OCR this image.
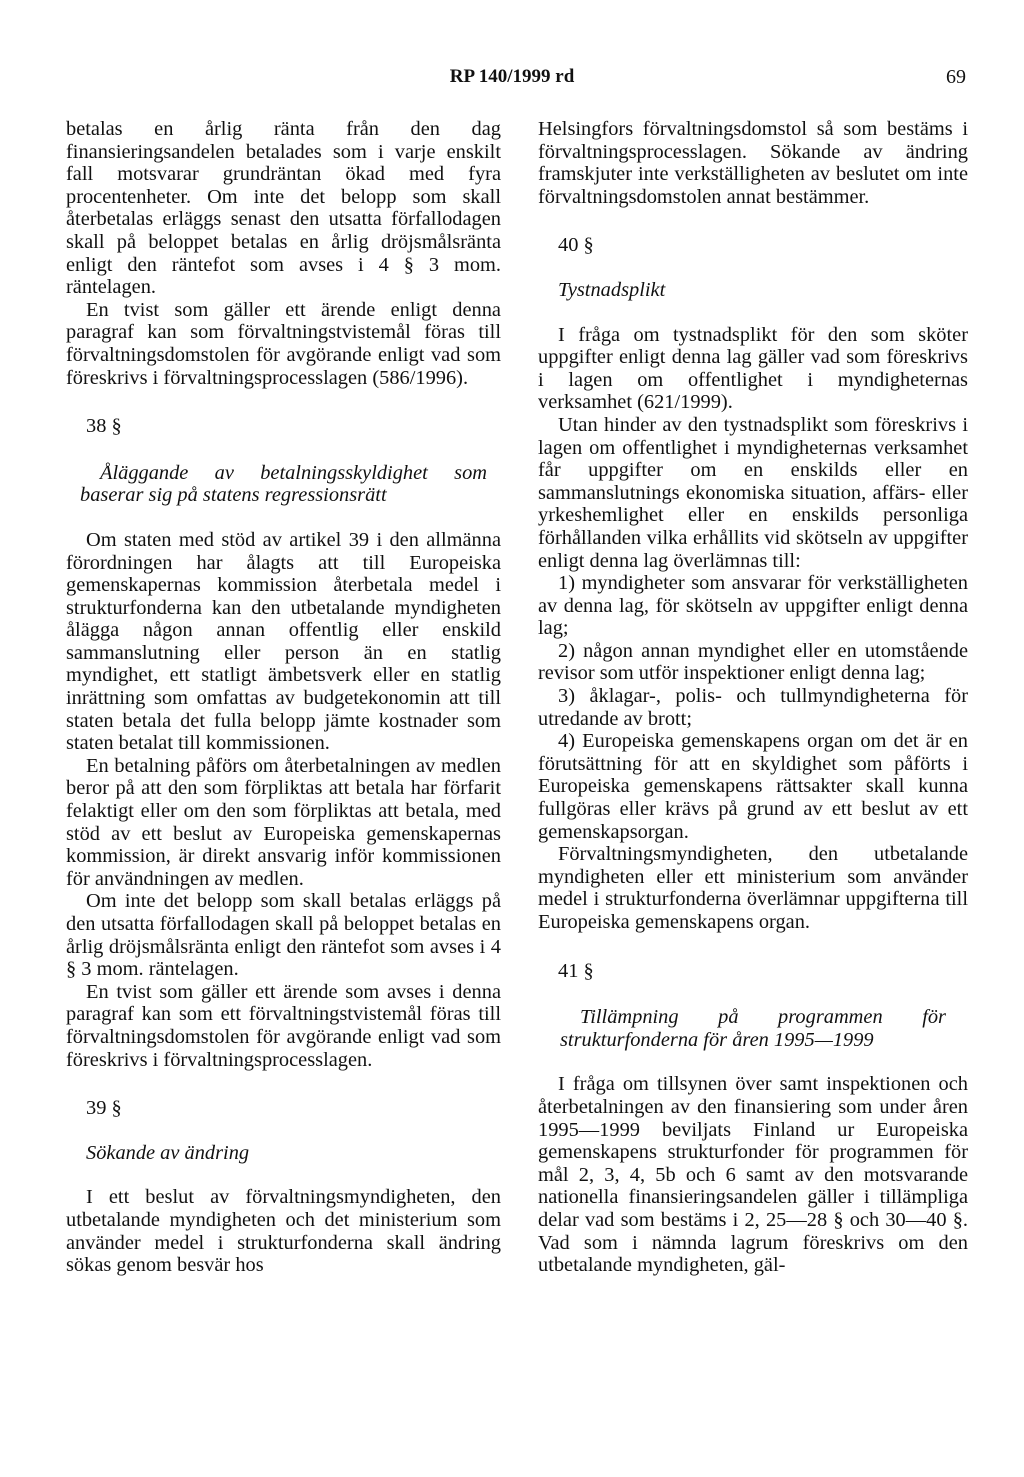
RP 140/1999 rd	69

betalas en årlig ränta från den dag finansieringsandelen betalades som i varje enskilt fall motsvarar grundräntan ökad med fyra procentenheter. Om inte det belopp som skall återbetalas erläggs senast den utsatta förfallodagen skall på beloppet betalas en årlig dröjsmålsränta enligt den räntefot som avses i 4 § 3 mom. räntelagen.

En tvist som gäller ett ärende enligt denna paragraf kan som förvaltningstvistemål föras till förvaltningsdomstolen för avgörande enligt vad som föreskrivs i förvaltningsprocesslagen (586/1996).

38 §

Åläggande av betalningsskyldighet som baserar sig på statens regressionsrätt

Om staten med stöd av artikel 39 i den allmänna förordningen har ålagts att till Europeiska gemenskapernas kommission återbetala medel i strukturfonderna kan den utbetalande myndigheten ålägga någon annan offentlig eller enskild sammanslutning eller person än en statlig myndighet, ett statligt ämbetsverk eller en statlig inrättning som omfattas av budgetekonomin att till staten betala det fulla belopp jämte kostnader som staten betalat till kommissionen.

En betalning påförs om återbetalningen av medlen beror på att den som förpliktas att betala har förfarit felaktigt eller om den som förpliktas att betala, med stöd av ett beslut av Europeiska gemenskapernas kommission, är direkt ansvarig inför kommissionen för användningen av medlen.

Om inte det belopp som skall betalas erläggs på den utsatta förfallodagen skall på beloppet betalas en årlig dröjsmålsränta enligt den räntefot som avses i 4 § 3 mom. räntelagen.

En tvist som gäller ett ärende som avses i denna paragraf kan som ett förvaltningstvistemål föras till förvaltningsdomstolen för avgörande enligt vad som föreskrivs i förvaltningsprocesslagen.

39 §

Sökande av ändring

I ett beslut av förvaltningsmyndigheten, den utbetalande myndigheten och det ministerium som använder medel i strukturfonderna skall ändring sökas genom besvär hos

Helsingfors förvaltningsdomstol så som bestäms i förvaltningsprocesslagen. Sökande av ändring framskjuter inte verkställigheten av beslutet om inte förvaltningsdomstolen annat bestämmer.

40 §

Tystnadsplikt

I fråga om tystnadsplikt för den som sköter uppgifter enligt denna lag gäller vad som föreskrivs i lagen om offentlighet i myndigheternas verksamhet (621/1999).

Utan hinder av den tystnadsplikt som föreskrivs i lagen om offentlighet i myndigheternas verksamhet får uppgifter om en enskilds eller en sammanslutnings ekonomiska situation, affärs- eller yrkeshemlighet eller en enskilds personliga förhållanden vilka erhållits vid skötseln av uppgifter enligt denna lag överlämnas till:

1) myndigheter som ansvarar för verkställigheten av denna lag, för skötseln av uppgifter enligt denna lag;

2) någon annan myndighet eller en utomstående revisor som utför inspektioner enligt denna lag;

3) åklagar-, polis- och tullmyndigheterna för utredande av brott;

4) Europeiska gemenskapens organ om det är en förutsättning för att en skyldighet som påförts i Europeiska gemenskapens rättsakter skall kunna fullgöras eller krävs på grund av ett beslut av ett gemenskapsorgan.

Förvaltningsmyndigheten, den utbetalande myndigheten eller ett ministerium som använder medel i strukturfonderna överlämnar uppgifterna till Europeiska gemenskapens organ.

41 §

Tillämpning på programmen för strukturfonderna för åren 1995—1999

I fråga om tillsynen över samt inspektionen och återbetalningen av den finansiering som under åren 1995—1999 beviljats Finland ur Europeiska gemenskapens strukturfonder för programmen för mål 2, 3, 4, 5b och 6 samt av den motsvarande nationella finansieringsandelen gäller i tillämpliga delar vad som bestäms i 2, 25—28 § och 30—40 §. Vad som i nämnda lagrum föreskrivs om den utbetalande myndigheten, gäl-
